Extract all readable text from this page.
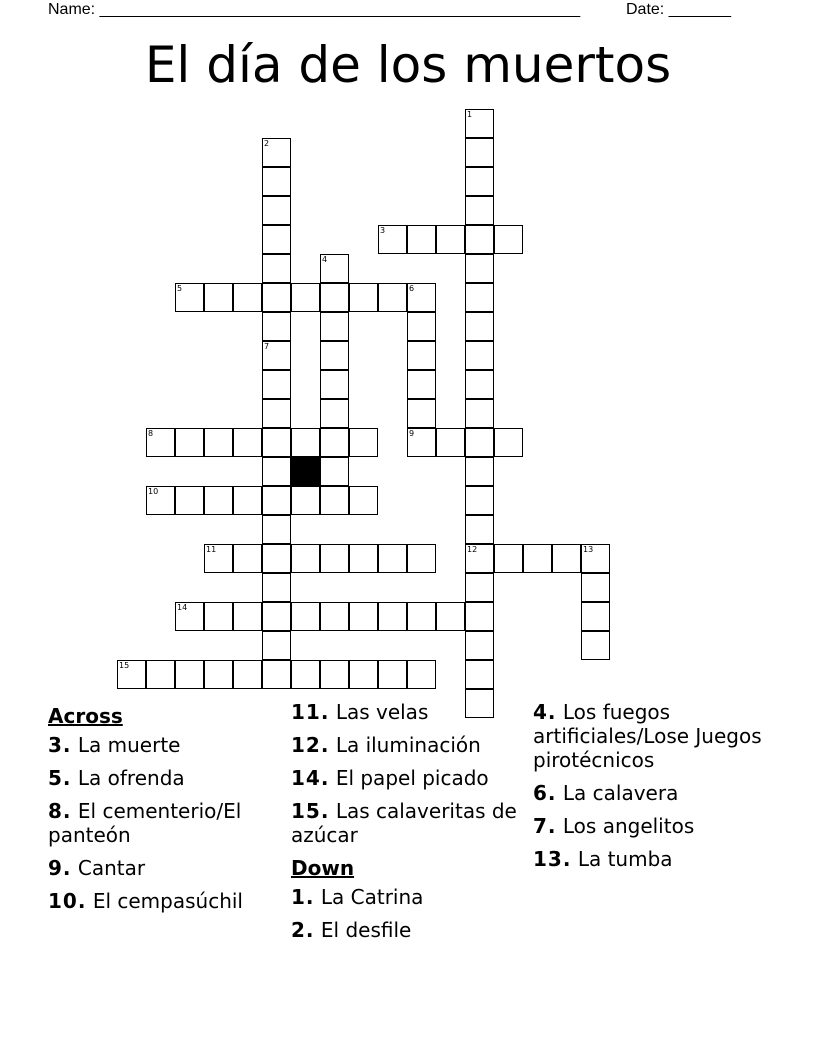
Name: ______________________________________________________	Date: _______
El día de los muertos
1
12
2
7
3
4
5	6
9
8
10
11	13
14
15
Across
3. La muerte
5. La ofrenda
8. El cementerio/El panteón
9. Cantar
10. El cempasúchil
11. Las velas
12. La iluminación
14. El papel picado
15. Las calaveritas de azúcar
Down
1. La Catrina
2. El desfile
4. Los fuegos artificiales/Lose Juegos pirotécnicos
6. La calavera
7. Los angelitos
13. La tumba
